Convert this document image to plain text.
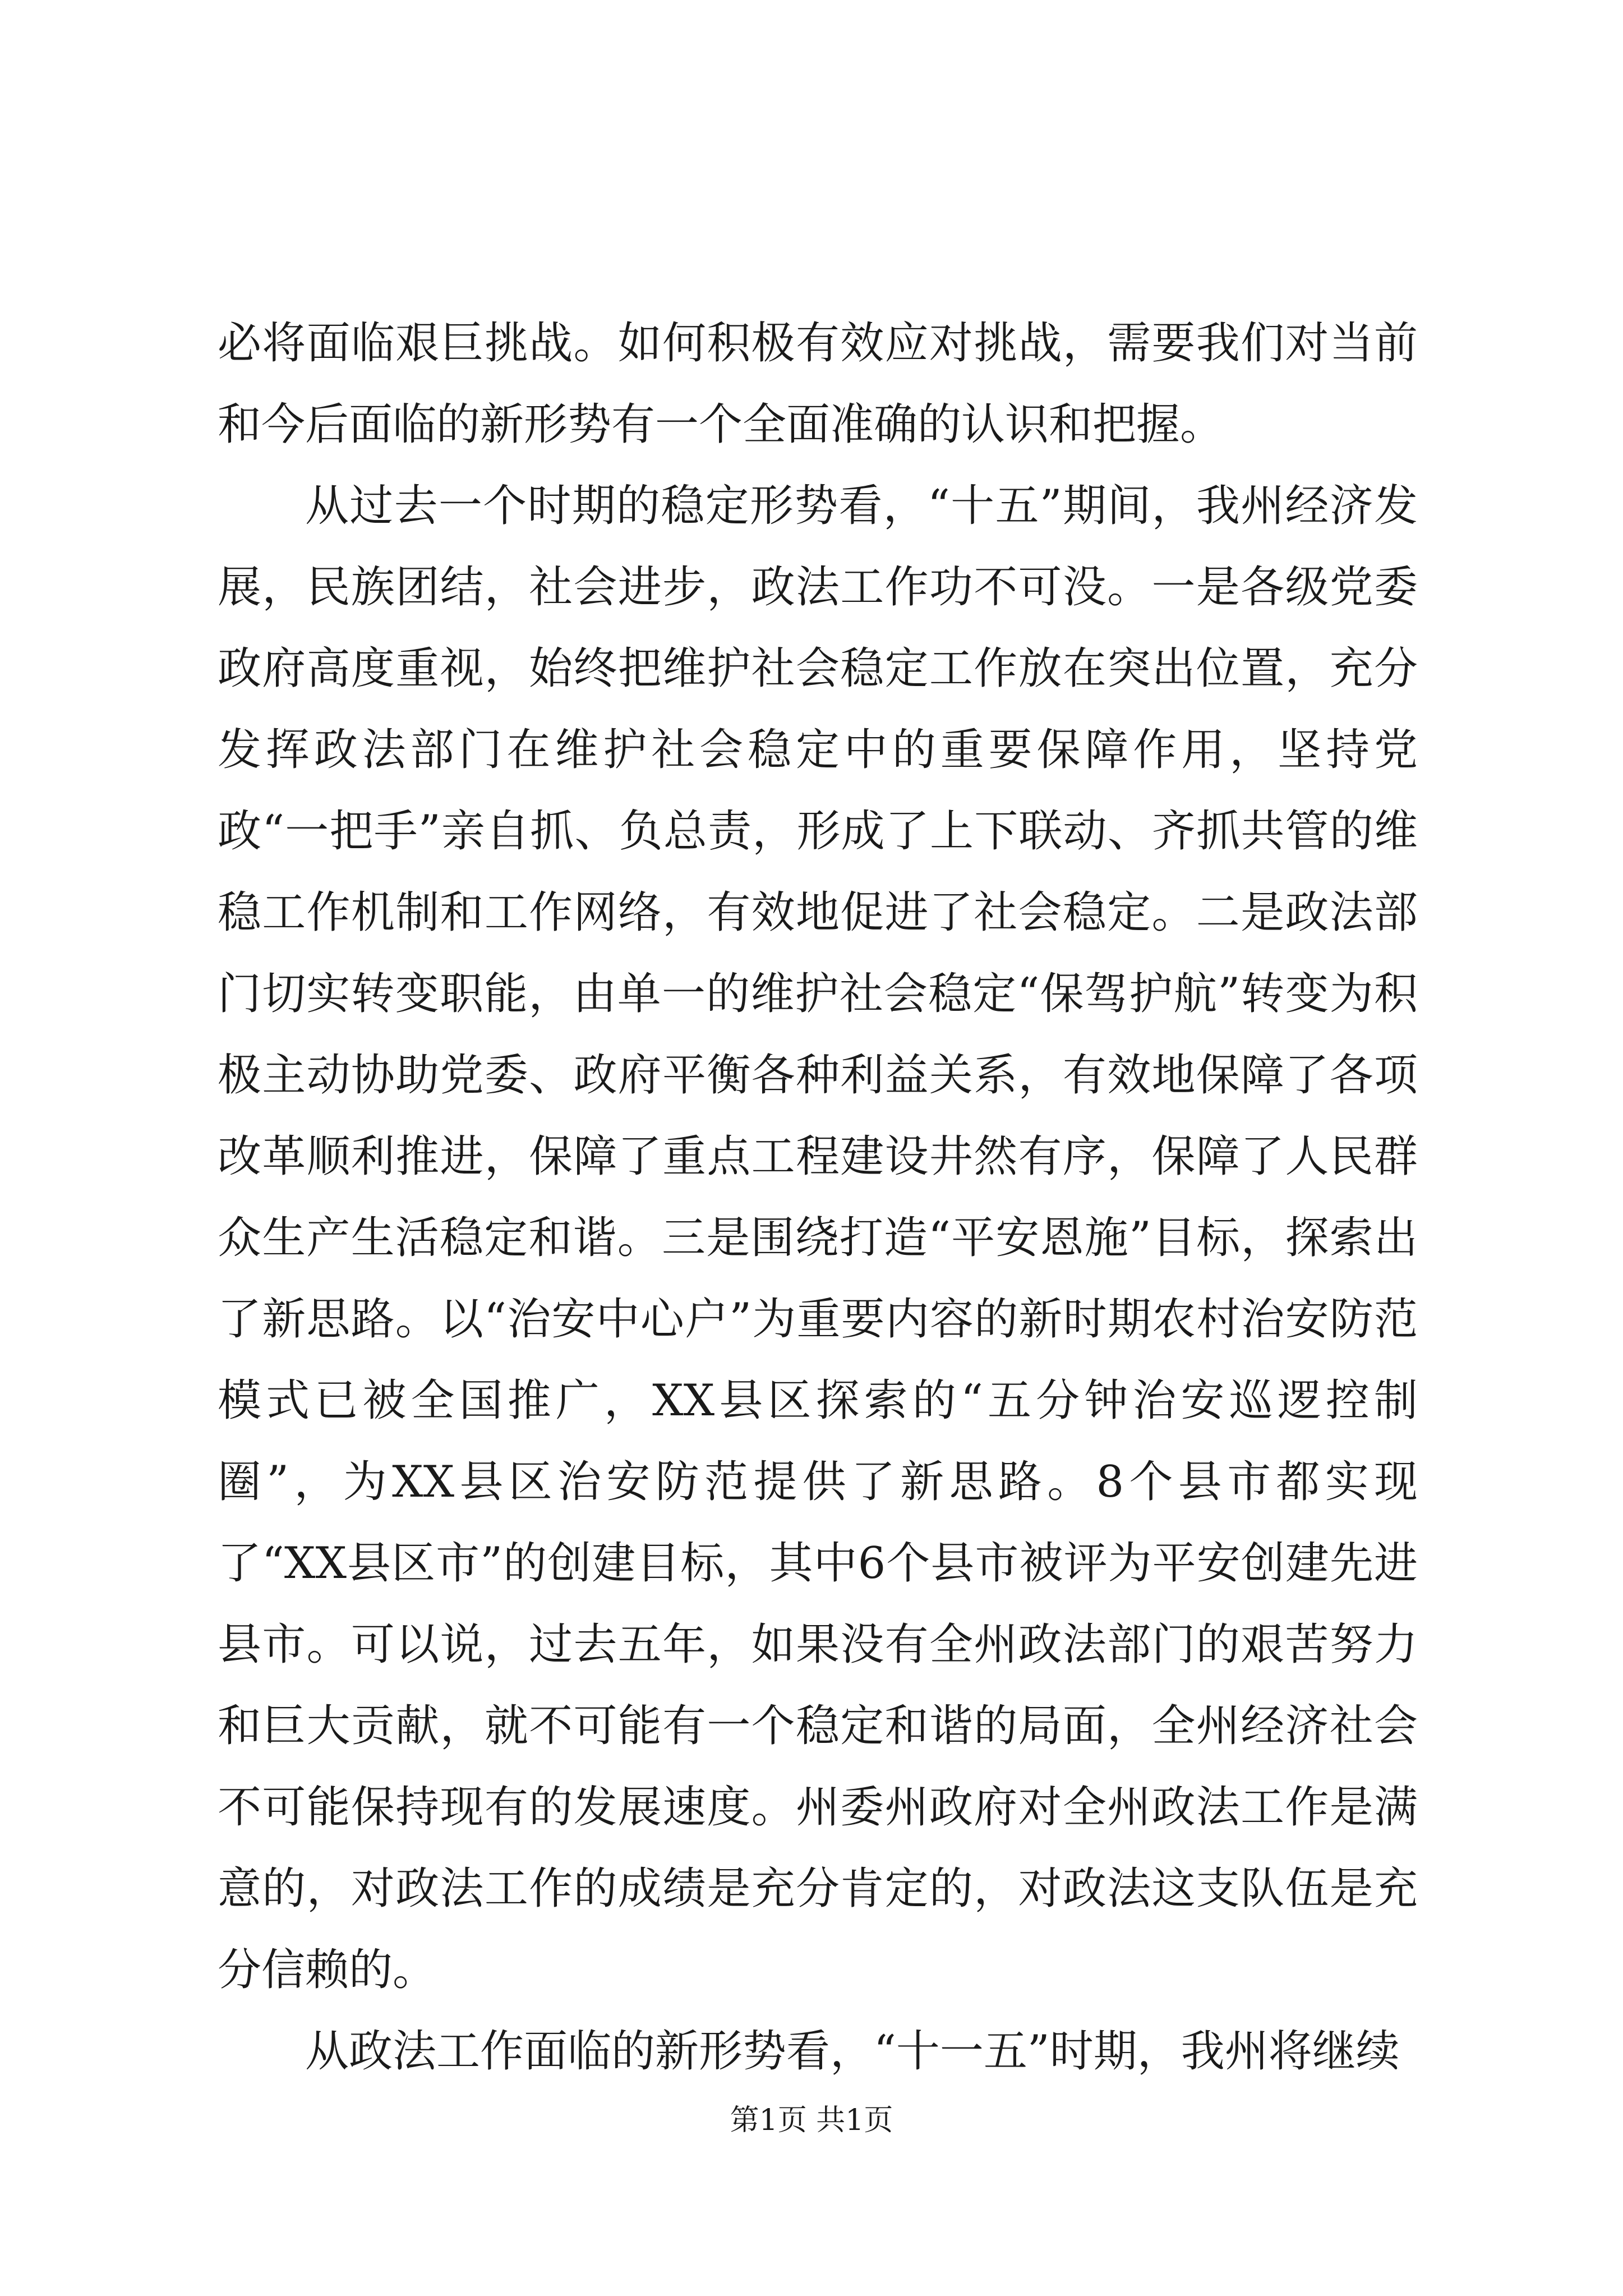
必将面临艰巨挑战。如何积极有效应对挑战，需要我们对当前和今后面临的新形势有一个全面准确的认识和把握。

从过去一个时期的稳定形势看，“十五”期间，我州经济发展，民族团结，社会进步，政法工作功不可没。一是各级党委政府高度重视，始终把维护社会稳定工作放在突出位置，充分发挥政法部门在维护社会稳定中的重要保障作用，坚持党政“一把手”亲自抓、负总责，形成了上下联动、齐抓共管的维稳工作机制和工作网络，有效地促进了社会稳定。二是政法部门切实转变职能，由单一的维护社会稳定“保驾护航”转变为积极主动协助党委、政府平衡各种利益关系，有效地保障了各项改革顺利推进，保障了重点工程建设井然有序，保障了人民群众生产生活稳定和谐。三是围绕打造“平安恩施”目标，探索出了新思路。以“治安中心户”为重要内容的新时期农村治安防范模式已被全国推广，XX县区探索的“五分钟治安巡逻控制圈”，为XX县区治安防范提供了新思路。8个县市都实现了“XX县区市”的创建目标，其中6个县市被评为平安创建先进县市。可以说，过去五年，如果没有全州政法部门的艰苦努力和巨大贡献，就不可能有一个稳定和谐的局面，全州经济社会不可能保持现有的发展速度。州委州政府对全州政法工作是满意的，对政法工作的成绩是充分肯定的，对政法这支队伍是充分信赖的。

从政法工作面临的新形势看，“十一五”时期，我州将继续

第1页 共1页
